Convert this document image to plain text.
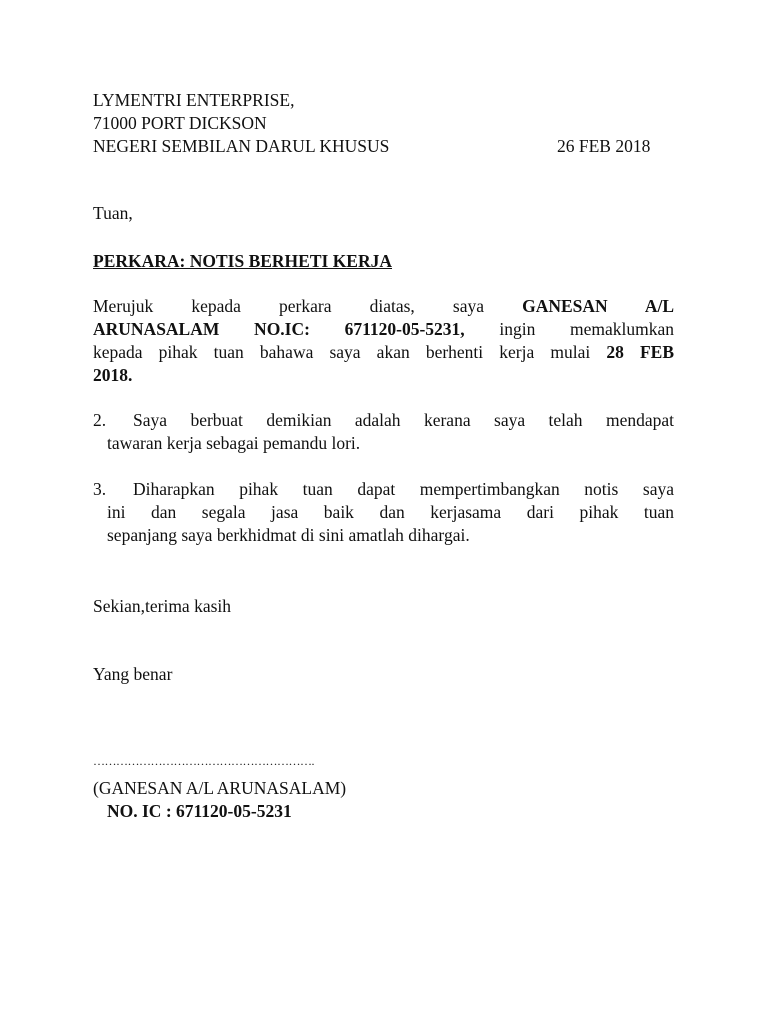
LYMENTRI ENTERPRISE,
71000 PORT DICKSON
NEGERI SEMBILAN DARUL KHUSUS	26 FEB 2018
Tuan,
PERKARA: NOTIS BERHETI KERJA
Merujuk kepada perkara diatas, saya GANESAN A/L
ARUNASALAM NO.IC: 671120-05-5231, ingin memaklumkan
kepada pihak tuan bahawa saya akan berhenti kerja mulai 28 FEB
2018.
2. Saya berbuat demikian adalah kerana saya telah mendapat
tawaran kerja sebagai pemandu lori.
3. Diharapkan pihak tuan dapat mempertimbangkan notis saya
ini dan segala jasa baik dan kerjasama dari pihak tuan
sepanjang saya berkhidmat di sini amatlah dihargai.
Sekian,terima kasih
Yang benar
………………………………………………….
(GANESAN A/L ARUNASALAM)
NO. IC : 671120-05-5231
